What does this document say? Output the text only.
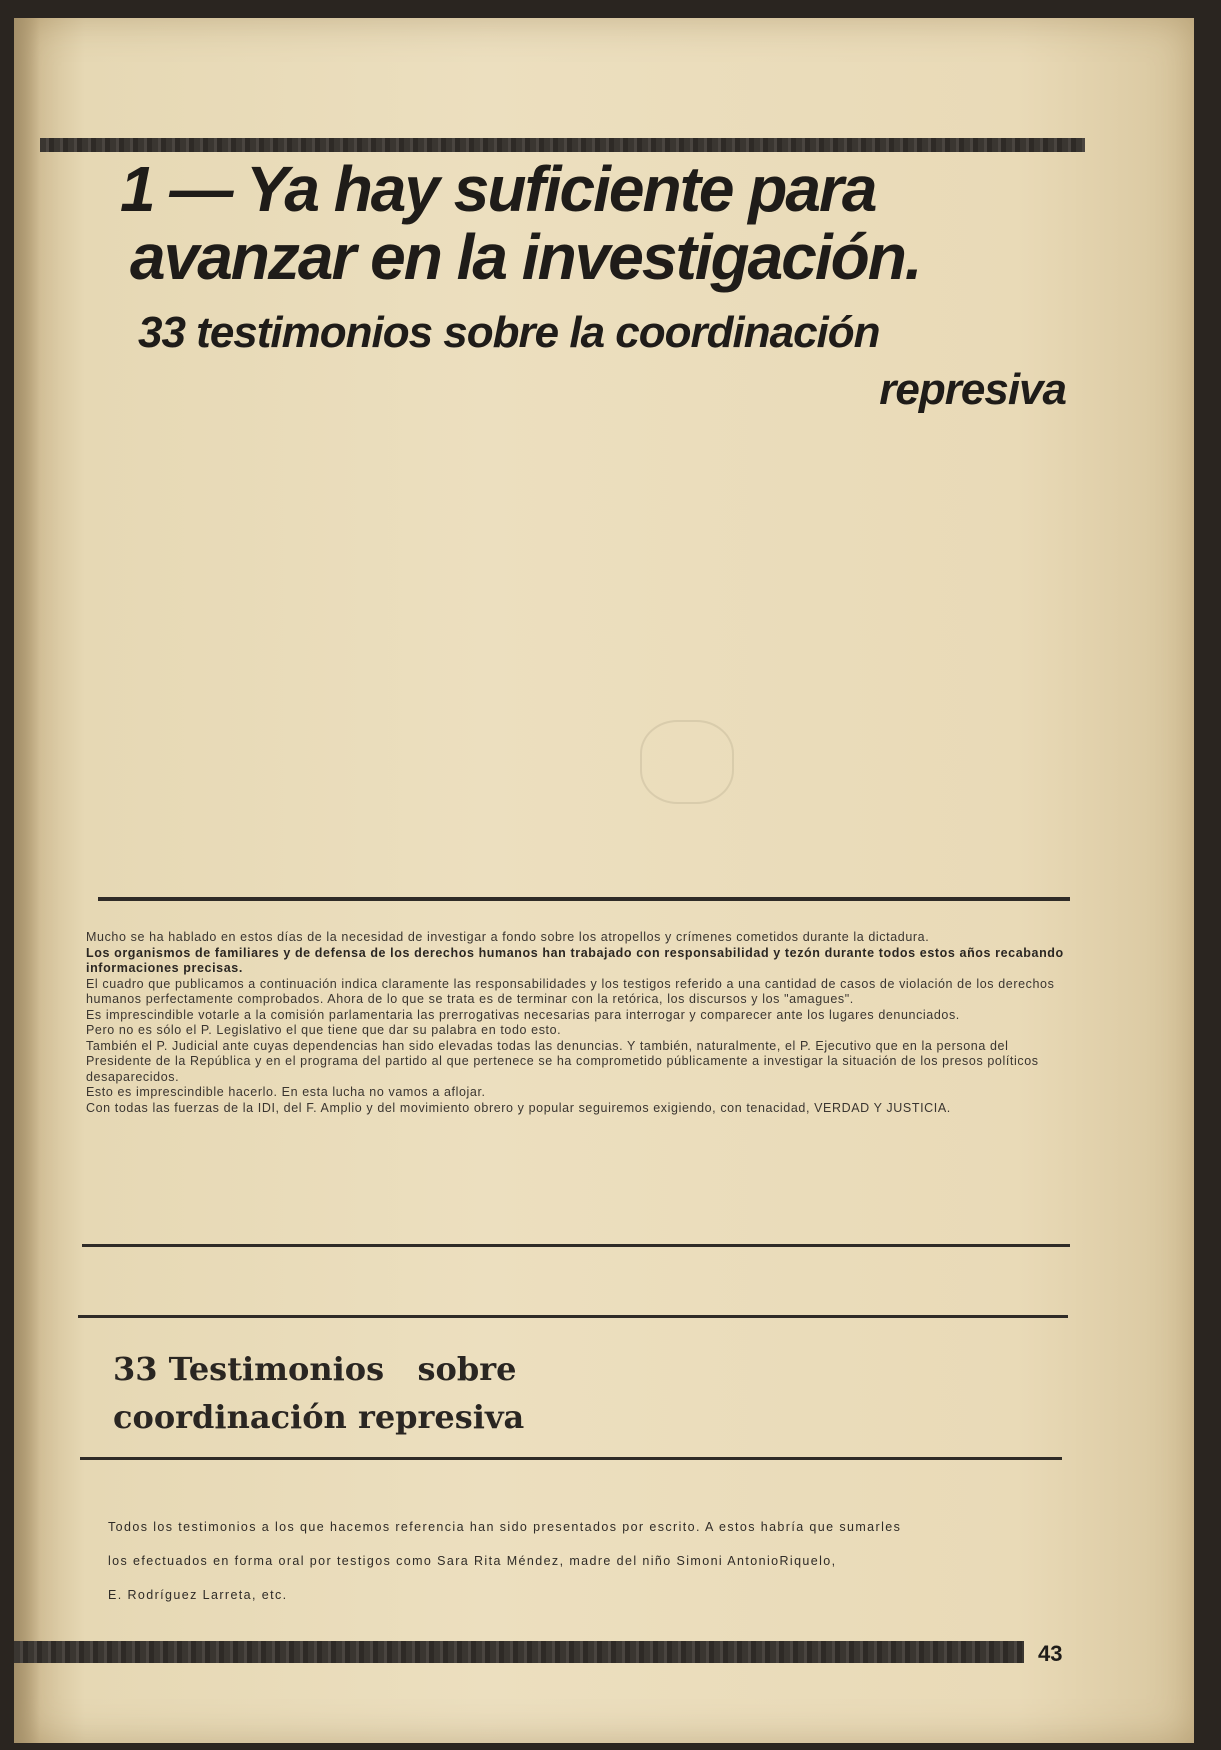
1 — Ya hay suficiente para
avanzar en la investigación.
33 testimonios sobre la coordinación
represiva

Mucho se ha hablado en estos días de la necesidad de investigar a fondo sobre los atropellos y crímenes cometidos durante la dictadura.

Los organismos de familiares y de defensa de los derechos humanos han trabajado con responsabilidad y tezón durante todos estos años recabando informaciones precisas.

El cuadro que publicamos a continuación indica claramente las responsabilidades y los testigos referido a una cantidad de casos de violación de los derechos humanos perfectamente comprobados. Ahora de lo que se trata es de terminar con la retórica, los discursos y los "amagues".

Es imprescindible votarle a la comisión parlamentaria las prerrogativas necesarias para interrogar y comparecer ante los lugares denunciados.

Pero no es sólo el P. Legislativo el que tiene que dar su palabra en todo esto.

También el P. Judicial ante cuyas dependencias han sido elevadas todas las denuncias. Y también, naturalmente, el P. Ejecutivo que en la persona del Presidente de la República y en el programa del partido al que pertenece se ha comprometido públicamente a investigar la situación de los presos políticos desaparecidos.

Esto es imprescindible hacerlo. En esta lucha no vamos a aflojar.

Con todas las fuerzas de la IDI, del F. Amplio y del movimiento obrero y popular seguiremos exigiendo, con tenacidad, VERDAD Y JUSTICIA.

33 Testimonios   sobre
coordinación represiva

Todos los testimonios a los que hacemos referencia han sido presentados por escrito. A estos habría que sumarles

los efectuados en forma oral por testigos como Sara Rita Méndez, madre del niño Simoni AntonioRiquelo,

E. Rodríguez Larreta, etc.

43
